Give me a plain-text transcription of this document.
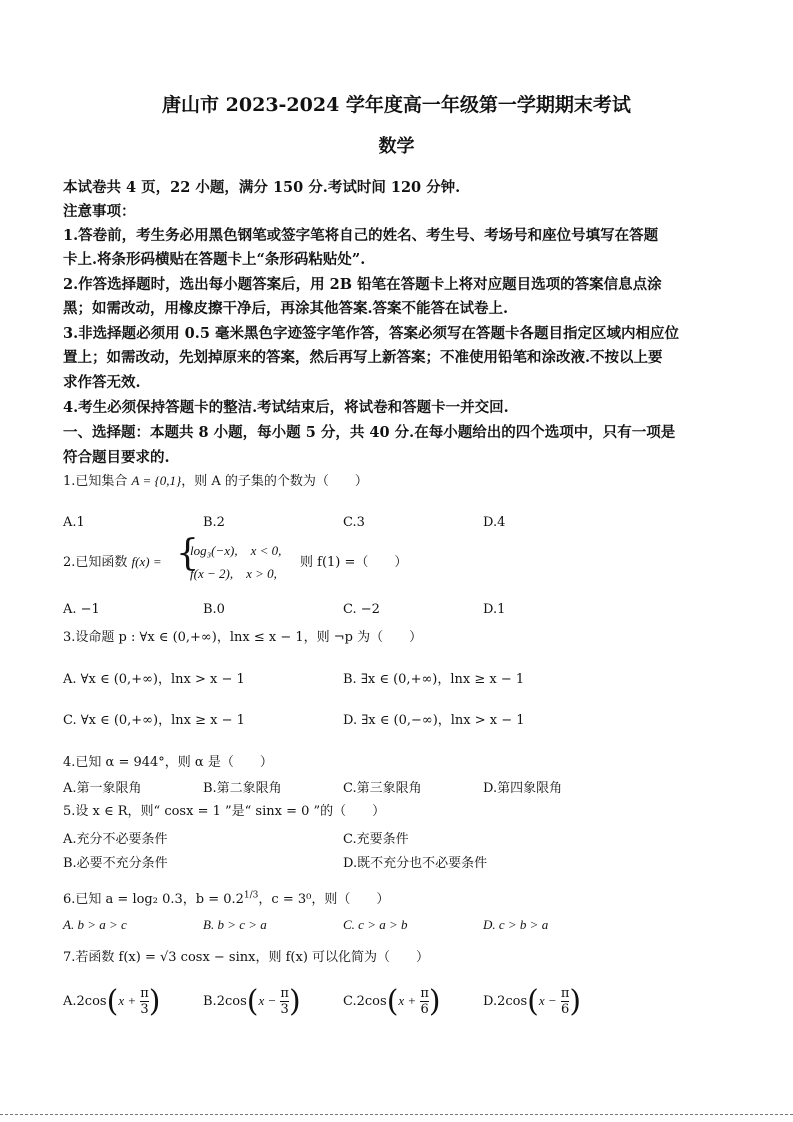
唐山市 2023-2024 学年度高一年级第一学期期末考试
数学
本试卷共 4 页，22 小题，满分 150 分.考试时间 120 分钟.
注意事项：
1.答卷前，考生务必用黑色钢笔或签字笔将自己的姓名、考生号、考场号和座位号填写在答题
卡上.将条形码横贴在答题卡上“条形码粘贴处”.
2.作答选择题时，选出每小题答案后，用 2B 铅笔在答题卡上将对应题目选项的答案信息点涂
黑；如需改动，用橡皮擦干净后，再涂其他答案.答案不能答在试卷上.
3.非选择题必须用 0.5 毫米黑色字迹签字笔作答，答案必须写在答题卡各题目指定区域内相应位
置上；如需改动，先划掉原来的答案，然后再写上新答案；不准使用铅笔和涂改液.不按以上要
求作答无效.
4.考生必须保持答题卡的整洁.考试结束后，将试卷和答题卡一并交回.
一、选择题：本题共 8 小题，每小题 5 分，共 40 分.在每小题给出的四个选项中，只有一项是
符合题目要求的.
1.已知集合 A = {0,1}，则 A 的子集的个数为（　　）
A.1	B.2	C.3	D.4
2.已知函数 f(x) = {
log₃(−x),　x < 0,
f(x − 2),　x > 0,
则 f(1) =（　　）
A. −1	B.0	C. −2	D.1
3.设命题 p : ∀x ∈ (0,+∞)，lnx ≤ x − 1，则 ¬p 为（　　）
A. ∀x ∈ (0,+∞)，lnx > x − 1	B. ∃x ∈ (0,+∞)，lnx ≥ x − 1
C. ∀x ∈ (0,+∞)，lnx ≥ x − 1	D. ∃x ∈ (0,−∞)，lnx > x − 1
4.已知 α = 944°，则 α 是（　　）
A.第一象限角	B.第二象限角	C.第三象限角	D.第四象限角
5.设 x ∈ R，则“ cosx = 1 ”是“ sinx = 0 ”的（　　）
A.充分不必要条件	C.充要条件
B.必要不充分条件	D.既不充分也不必要条件
6.已知 a = log₂ 0.3，$b = 0.2^{1/3}$，c = 3⁰，则（　　）
A. b > a > c	B. b > c > a	C. c > a > b	D. c > b > a
7.若函数 f(x) = √3 cosx − sinx，则 f(x) 可以化简为（　　）
$A.2\cos(x + \frac{\pi}{3}$ )	$B.2\cos(x - \frac{\pi}{3}$ )	$C.2\cos(x + \frac{\pi}{6}$ )	$D.2\cos(x - \frac{\pi}{6}$ )
